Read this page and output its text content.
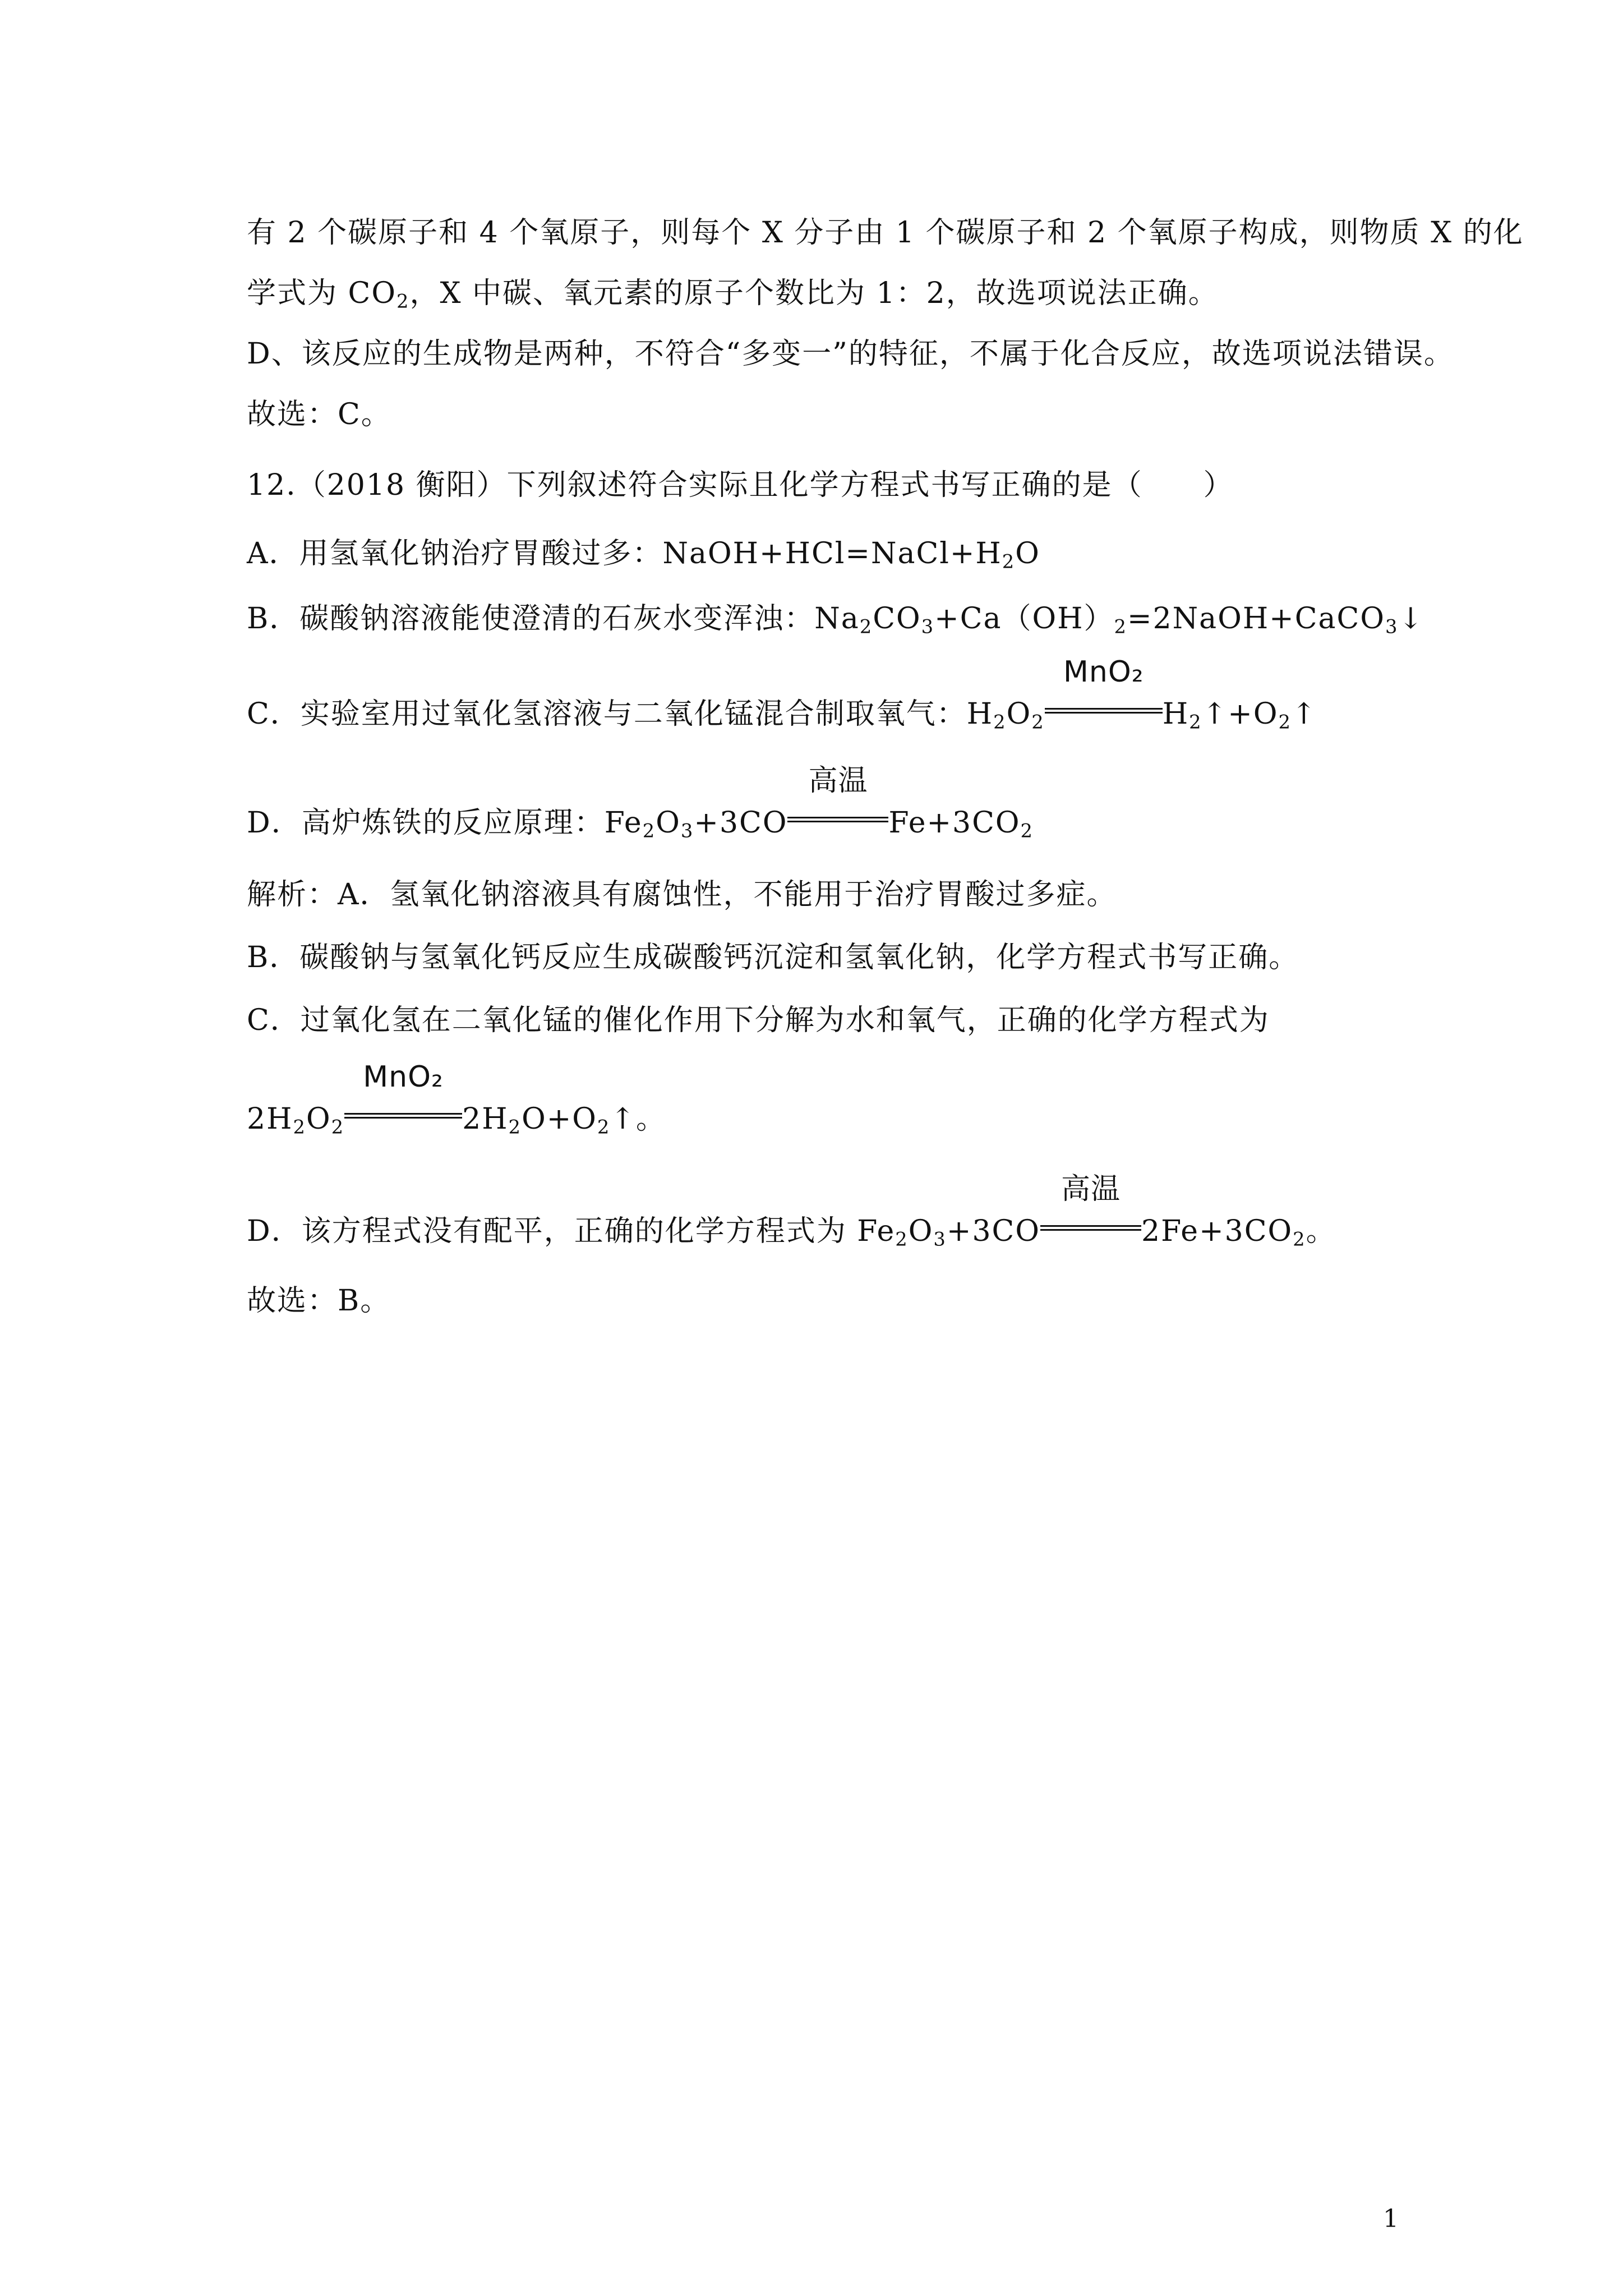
有 2 个碳原子和 4 个氧原子，则每个 X 分子由 1 个碳原子和 2 个氧原子构成，则物质 X 的化
学式为 $CO_2$，X 中碳、氧元素的原子个数比为 1：2，故选项说法正确。
D、该反应的生成物是两种，不符合“多变一”的特征，不属于化合反应，故选项说法错误。
故选：C。
12.（2018 衡阳）下列叙述符合实际且化学方程式书写正确的是（　　）
A．用氢氧化钠治疗胃酸过多：$NaOH+HCl=NaCl+H_2O$
B．碳酸钠溶液能使澄清的石灰水变浑浊：$Na_2CO_3+Ca(OH)_2=2NaOH+CaCO_3↓$
C．实验室用过氧化氢溶液与二氧化锰混合制取氧气：$H_2O_2$
MnO₂
$H_2↑+O_2↑$
D．高炉炼铁的反应原理：$Fe_2O_3+3CO$
高温
$Fe+3CO_2$
解析：A．氢氧化钠溶液具有腐蚀性，不能用于治疗胃酸过多症。
B．碳酸钠与氢氧化钙反应生成碳酸钙沉淀和氢氧化钠，化学方程式书写正确。
C．过氧化氢在二氧化锰的催化作用下分解为水和氧气，正确的化学方程式为
$2H_2O_2$
MnO₂
$2H_2O+O_2↑$。
D．该方程式没有配平，正确的化学方程式为 $Fe_2O_3+3CO$
高温
$2Fe+3CO_2$。
故选：B。
1
